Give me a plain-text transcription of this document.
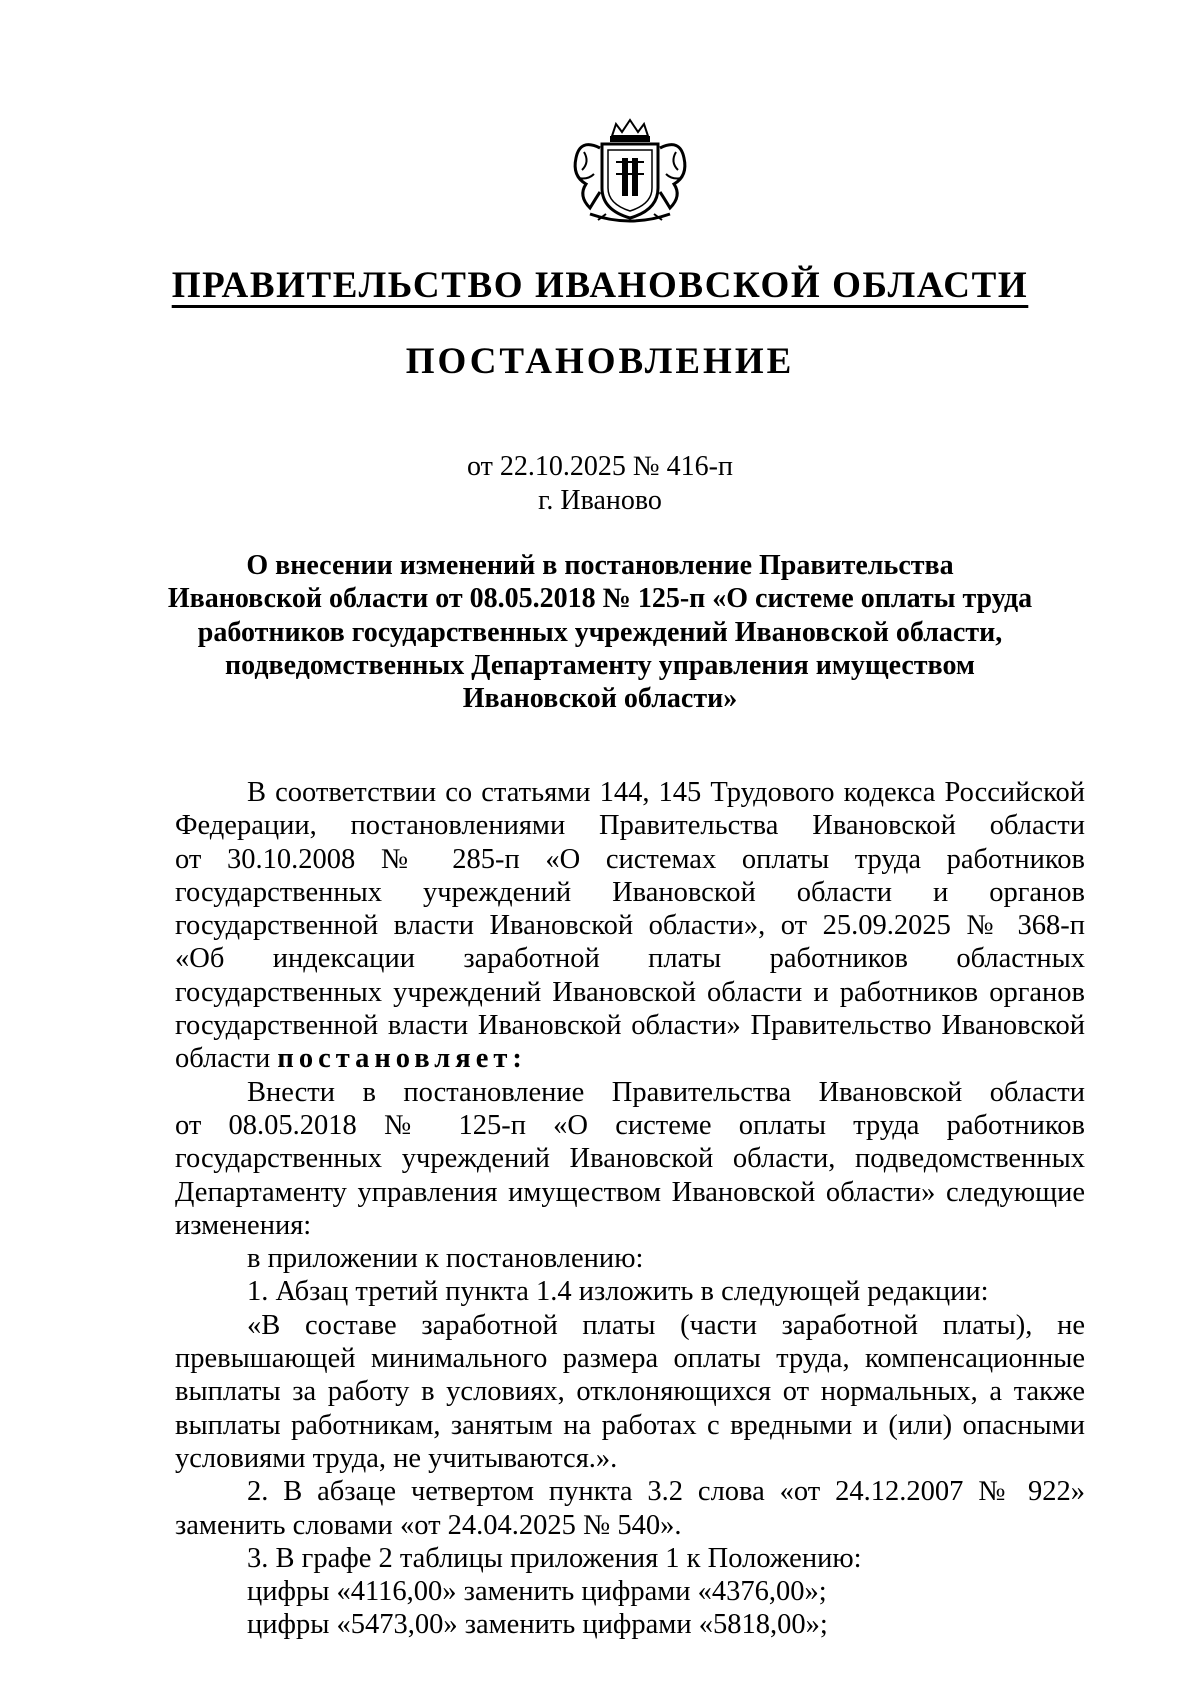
ПРАВИТЕЛЬСТВО ИВАНОВСКОЙ ОБЛАСТИ
ПОСТАНОВЛЕНИЕ
от 22.10.2025 № 416-п
г. Иваново
О внесении изменений в постановление Правительства
Ивановской области от 08.05.2018 № 125-п «О системе оплаты труда
работников государственных учреждений Ивановской области,
подведомственных Департаменту управления имуществом
Ивановской области»
В соответствии со статьями 144, 145 Трудового кодекса Российской
Федерации, постановлениями Правительства Ивановской области
от 30.10.2008 № 285-п «О системах оплаты труда работников
государственных учреждений Ивановской области и органов
государственной власти Ивановской области», от 25.09.2025 № 368-п
«Об индексации заработной платы работников областных
государственных учреждений Ивановской области и работников органов
государственной власти Ивановской области» Правительство Ивановской
области постановляет:
Внести в постановление Правительства Ивановской области
от 08.05.2018 № 125-п «О системе оплаты труда работников
государственных учреждений Ивановской области, подведомственных
Департаменту управления имуществом Ивановской области» следующие
изменения:
в приложении к постановлению:
1. Абзац третий пункта 1.4 изложить в следующей редакции:
«В составе заработной платы (части заработной платы), не
превышающей минимального размера оплаты труда, компенсационные
выплаты за работу в условиях, отклоняющихся от нормальных, а также
выплаты работникам, занятым на работах с вредными и (или) опасными
условиями труда, не учитываются.».
2. В абзаце четвертом пункта 3.2 слова «от 24.12.2007 № 922»
заменить словами «от 24.04.2025 № 540».
3. В графе 2 таблицы приложения 1 к Положению:
цифры «4116,00» заменить цифрами «4376,00»;
цифры «5473,00» заменить цифрами «5818,00»;
